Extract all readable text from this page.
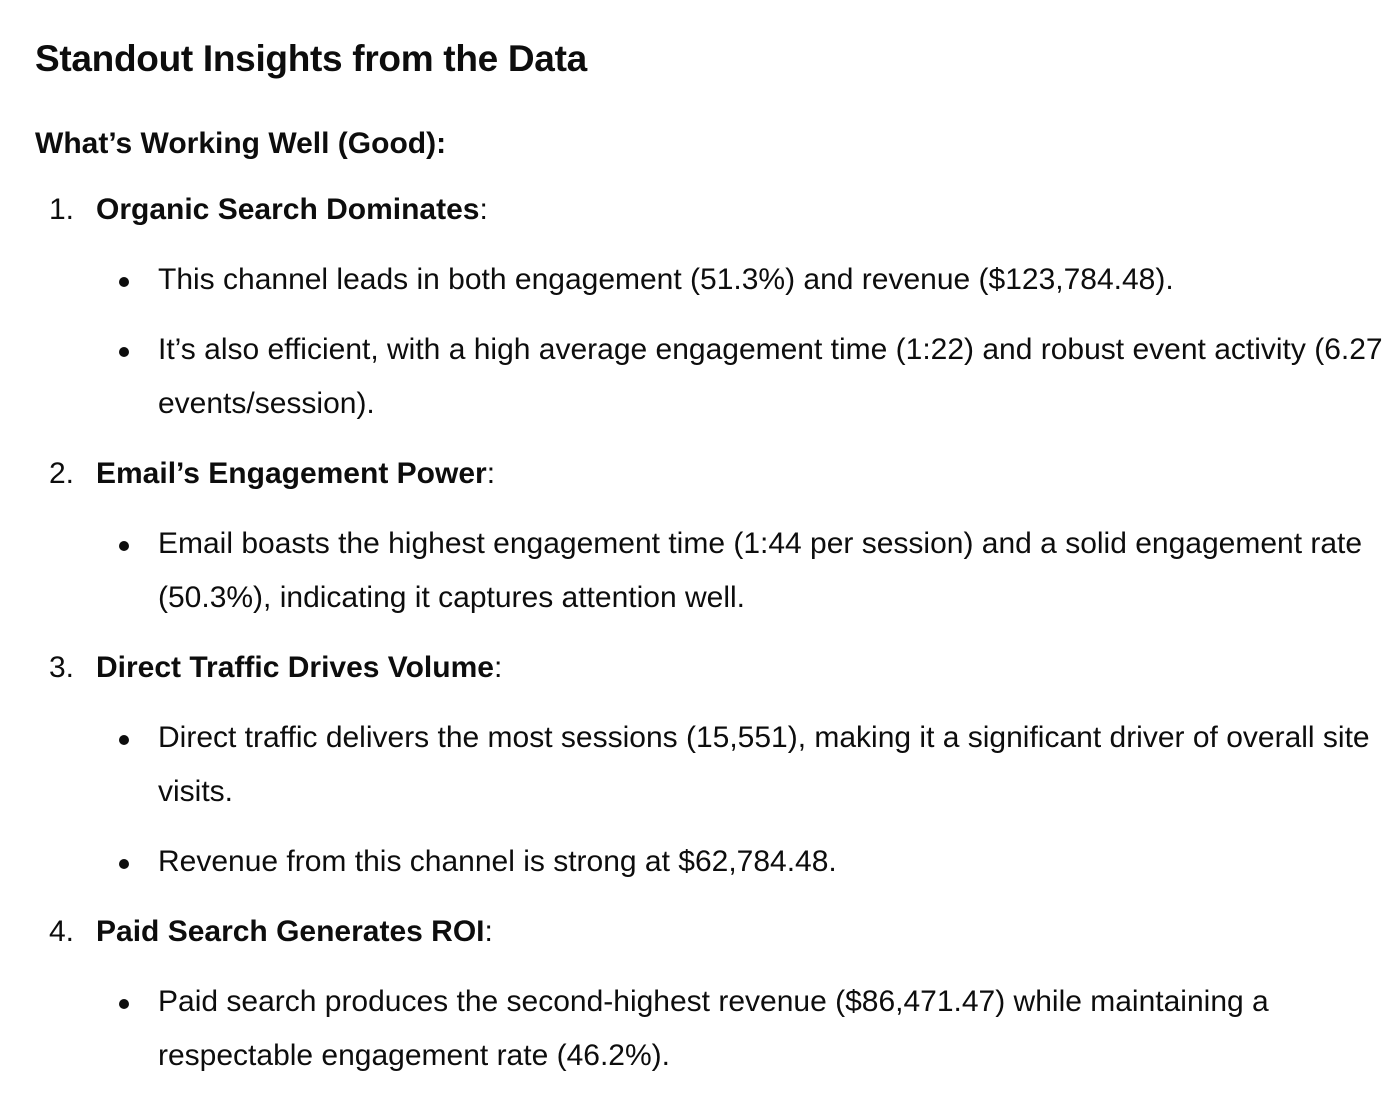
Standout Insights from the Data
What’s Working Well (Good):
1. Organic Search Dominates:
This channel leads in both engagement (51.3%) and revenue ($123,784.48).
It’s also efficient, with a high average engagement time (1:22) and robust event activity (6.27 events/session).
2. Email’s Engagement Power:
Email boasts the highest engagement time (1:44 per session) and a solid engagement rate (50.3%), indicating it captures attention well.
3. Direct Traffic Drives Volume:
Direct traffic delivers the most sessions (15,551), making it a significant driver of overall site visits.
Revenue from this channel is strong at $62,784.48.
4. Paid Search Generates ROI:
Paid search produces the second-highest revenue ($86,471.47) while maintaining a respectable engagement rate (46.2%).
